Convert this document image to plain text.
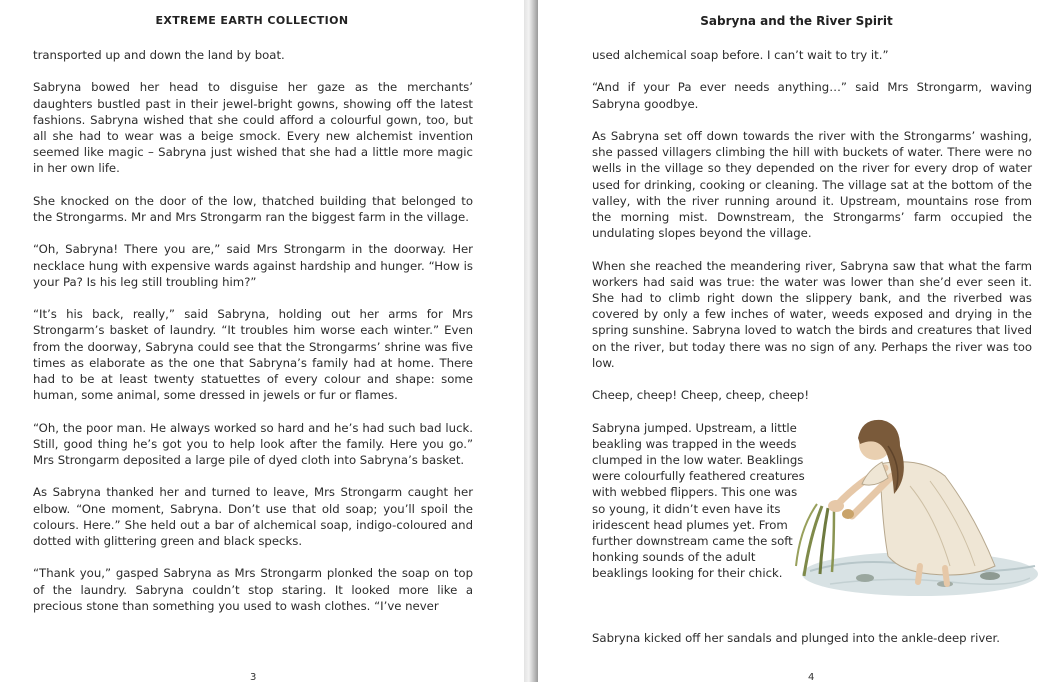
EXTREME EARTH COLLECTION

transported up and down the land by boat.

Sabryna bowed her head to disguise her gaze as the merchants’ daughters bustled past in their jewel-bright gowns, showing off the latest fashions. Sabryna wished that she could afford a colourful gown, too, but all she had to wear was a beige smock. Every new alchemist invention seemed like magic – Sabryna just wished that she had a little more magic in her own life.

She knocked on the door of the low, thatched building that belonged to the Strongarms. Mr and Mrs Strongarm ran the biggest farm in the village.

“Oh, Sabryna! There you are,” said Mrs Strongarm in the doorway. Her necklace hung with expensive wards against hardship and hunger. “How is your Pa? Is his leg still troubling him?”

“It’s his back, really,” said Sabryna, holding out her arms for Mrs Strongarm’s basket of laundry. “It troubles him worse each winter.” Even from the doorway, Sabryna could see that the Strongarms’ shrine was five times as elaborate as the one that Sabryna’s family had at home. There had to be at least twenty statuettes of every colour and shape: some human, some animal, some dressed in jewels or fur or flames.

“Oh, the poor man. He always worked so hard and he’s had such bad luck. Still, good thing he’s got you to help look after the family. Here you go.” Mrs Strongarm deposited a large pile of dyed cloth into Sabryna’s basket.

As Sabryna thanked her and turned to leave, Mrs Strongarm caught her elbow. “One moment, Sabryna. Don’t use that old soap; you’ll spoil the colours. Here.” She held out a bar of alchemical soap, indigo-coloured and dotted with glittering green and black specks.

“Thank you,” gasped Sabryna as Mrs Strongarm plonked the soap on top of the laundry. Sabryna couldn’t stop staring. It looked more like a precious stone than something you used to wash clothes. “I’ve never

3
Sabryna and the River Spirit

used alchemical soap before. I can’t wait to try it.”

“And if your Pa ever needs anything…” said Mrs Strongarm, waving Sabryna goodbye.

As Sabryna set off down towards the river with the Strongarms’ washing, she passed villagers climbing the hill with buckets of water. There were no wells in the village so they depended on the river for every drop of water used for drinking, cooking or cleaning. The village sat at the bottom of the valley, with the river running around it. Upstream, mountains rose from the morning mist. Downstream, the Strongarms’ farm occupied the undulating slopes beyond the village.

When she reached the meandering river, Sabryna saw that what the farm workers had said was true: the water was lower than she’d ever seen it. She had to climb right down the slippery bank, and the riverbed was covered by only a few inches of water, weeds exposed and drying in the spring sunshine. Sabryna loved to watch the birds and creatures that lived on the river, but today there was no sign of any. Perhaps the river was too low.

Cheep, cheep! Cheep, cheep, cheep!

Sabryna jumped. Upstream, a little beakling was trapped in the weeds clumped in the low water. Beaklings were colourfully feathered creatures with webbed flippers. This one was so young, it didn’t even have its iridescent head plumes yet. From further downstream came the soft honking sounds of the adult beaklings looking for their chick.

Sabryna kicked off her sandals and plunged into the ankle-deep river.

4
